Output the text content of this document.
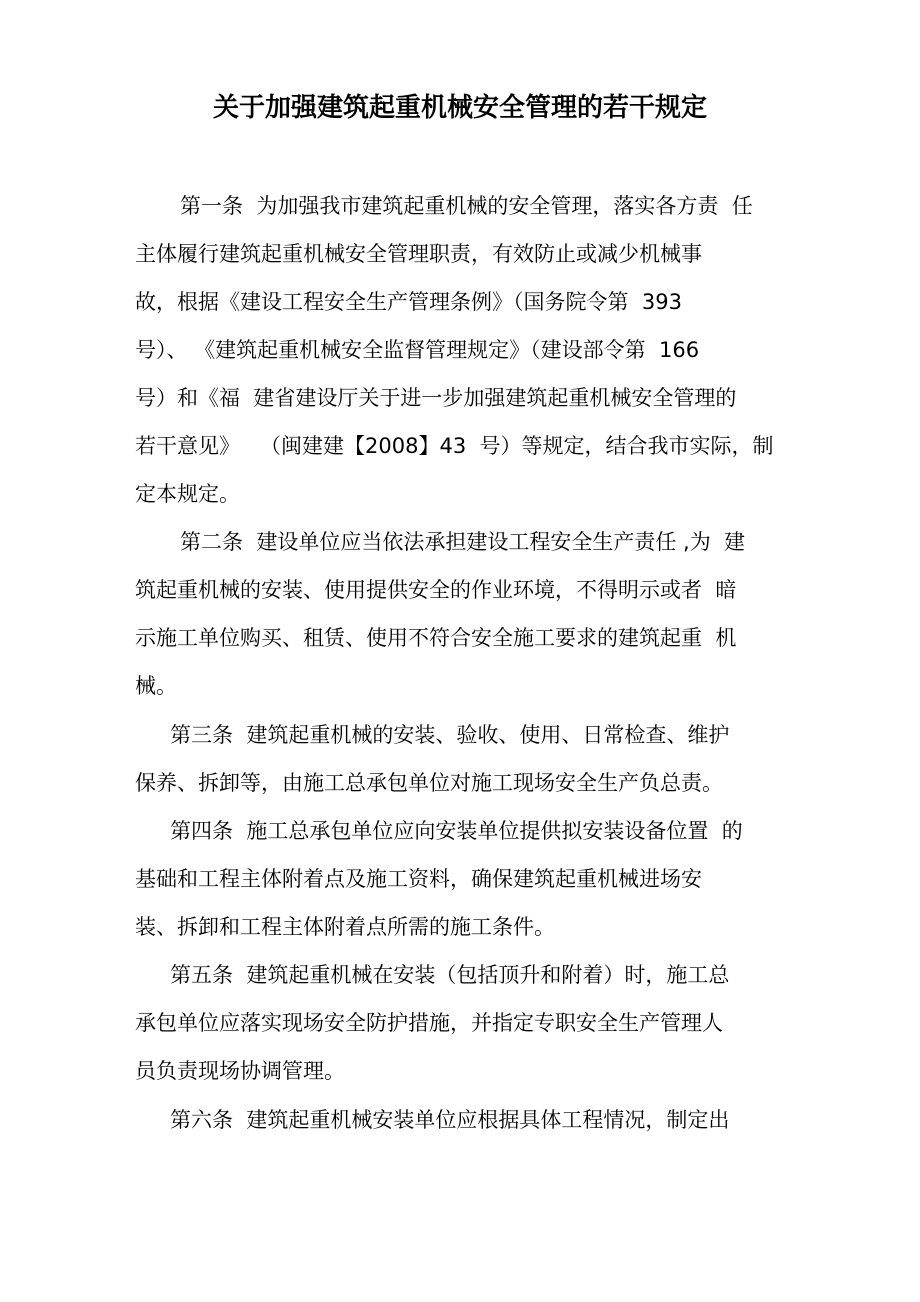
关于加强建筑起重机械安全管理的若干规定
第一条  为加强我市建筑起重机械的安全管理，落实各方责  任
主体履行建筑起重机械安全管理职责，有效防止或减少机械事
故，根据《建设工程安全生产管理条例》（国务院令第  393
号）、 《建筑起重机械安全监督管理规定》（建设部令第  166
号）和《福  建省建设厅关于进一步加强建筑起重机械安全管理的
若干意见》   （闽建建【2008】43  号）等规定，结合我市实际，制
定本规定。
第二条  建设单位应当依法承担建设工程安全生产责任 ,为  建
筑起重机械的安装、使用提供安全的作业环境，不得明示或者  暗
示施工单位购买、租赁、使用不符合安全施工要求的建筑起重  机
械。
第三条  建筑起重机械的安装、验收、使用、日常检查、维护
保养、拆卸等，由施工总承包单位对施工现场安全生产负总责。
第四条  施工总承包单位应向安装单位提供拟安装设备位置  的
基础和工程主体附着点及施工资料，确保建筑起重机械进场安
装、拆卸和工程主体附着点所需的施工条件。
第五条  建筑起重机械在安装（包括顶升和附着）时，施工总
承包单位应落实现场安全防护措施，并指定专职安全生产管理人
员负责现场协调管理。
第六条  建筑起重机械安装单位应根据具体工程情况，制定出
